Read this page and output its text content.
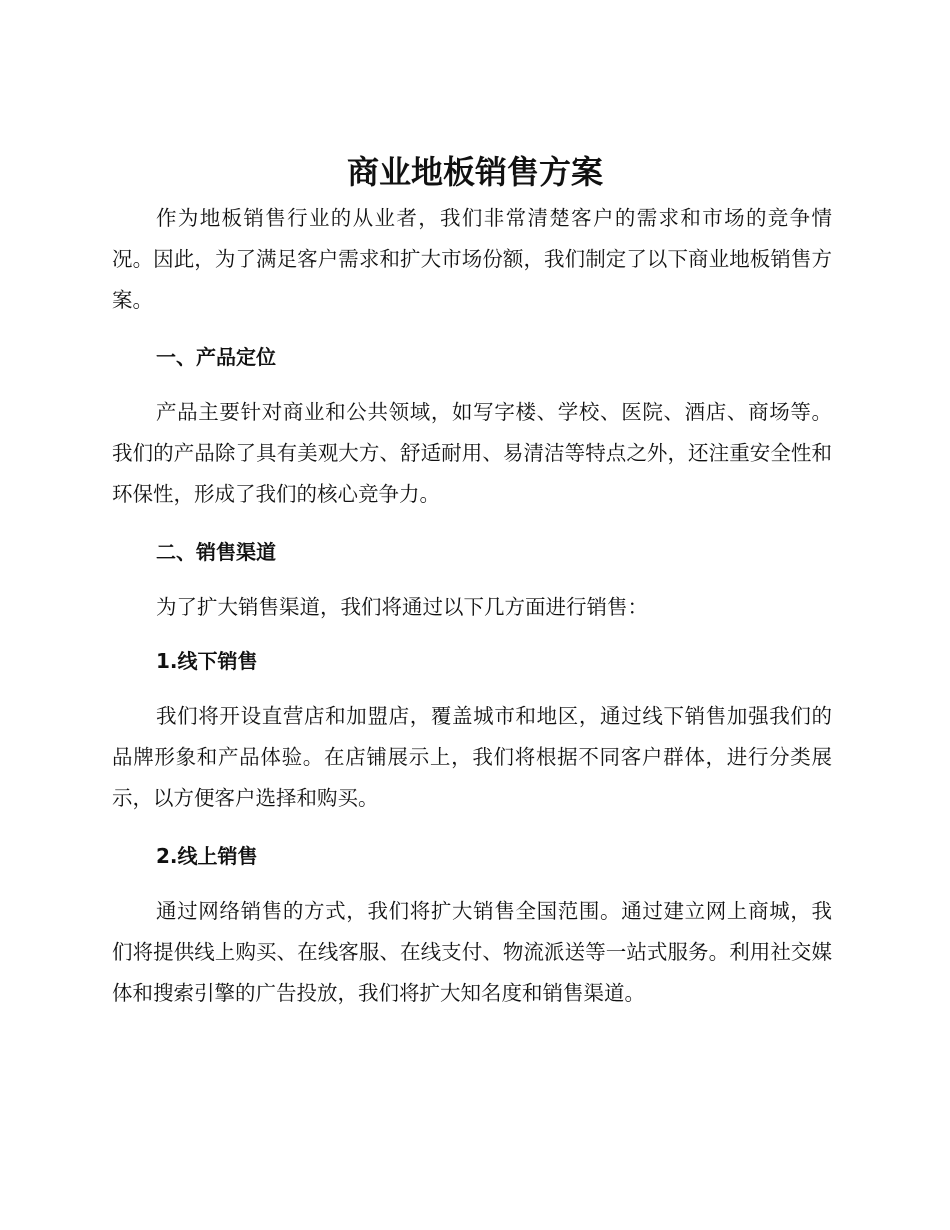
商业地板销售方案

作为地板销售行业的从业者，我们非常清楚客户的需求和市场的竞争情况。因此，为了满足客户需求和扩大市场份额，我们制定了以下商业地板销售方案。

一、产品定位

产品主要针对商业和公共领域，如写字楼、学校、医院、酒店、商场等。我们的产品除了具有美观大方、舒适耐用、易清洁等特点之外，还注重安全性和环保性，形成了我们的核心竞争力。

二、销售渠道

为了扩大销售渠道，我们将通过以下几方面进行销售：

1.线下销售

我们将开设直营店和加盟店，覆盖城市和地区，通过线下销售加强我们的品牌形象和产品体验。在店铺展示上，我们将根据不同客户群体，进行分类展示，以方便客户选择和购买。

2.线上销售

通过网络销售的方式，我们将扩大销售全国范围。通过建立网上商城，我们将提供线上购买、在线客服、在线支付、物流派送等一站式服务。利用社交媒体和搜索引擎的广告投放，我们将扩大知名度和销售渠道。
